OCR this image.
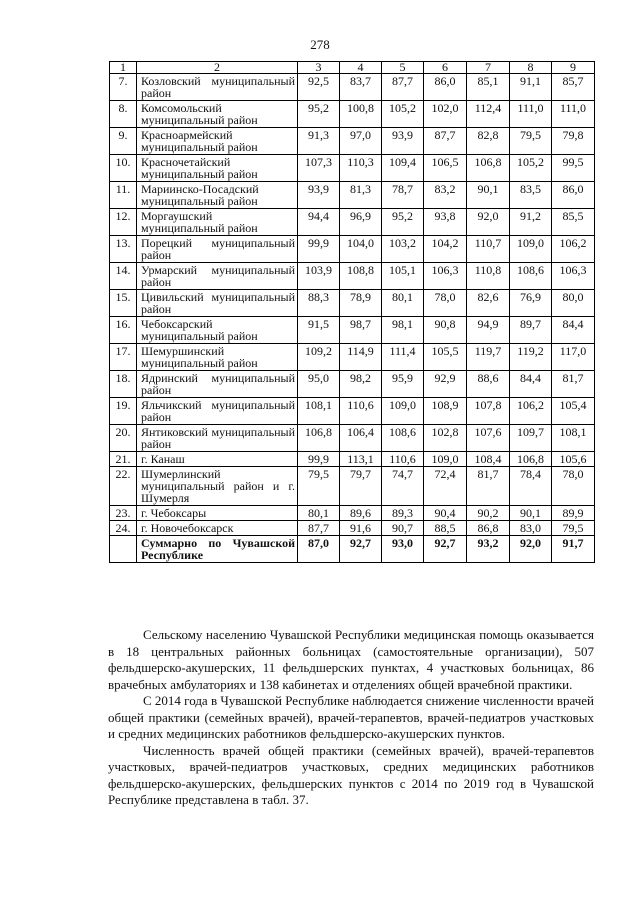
278
1	2	3	4	5	6	7	8	9
7.	Козловский муниципальный район	92,5	83,7	87,7	86,0	85,1	91,1	85,7
8.	Комсомольский муниципальный район	95,2	100,8	105,2	102,0	112,4	111,0	111,0
9.	Красноармейский муниципальный район	91,3	97,0	93,9	87,7	82,8	79,5	79,8
10.	Красночетайский муниципальный район	107,3	110,3	109,4	106,5	106,8	105,2	99,5
11.	Мариинско-Посадский муниципальный район	93,9	81,3	78,7	83,2	90,1	83,5	86,0
12.	Моргаушский муниципальный район	94,4	96,9	95,2	93,8	92,0	91,2	85,5
13.	Порецкий муниципальный район	99,9	104,0	103,2	104,2	110,7	109,0	106,2
14.	Урмарский муниципальный район	103,9	108,8	105,1	106,3	110,8	108,6	106,3
15.	Цивильский муниципальный район	88,3	78,9	80,1	78,0	82,6	76,9	80,0
16.	Чебоксарский муниципальный район	91,5	98,7	98,1	90,8	94,9	89,7	84,4
17.	Шемуршинский муниципальный район	109,2	114,9	111,4	105,5	119,7	119,2	117,0
18.	Ядринский муниципальный район	95,0	98,2	95,9	92,9	88,6	84,4	81,7
19.	Яльчикский муниципальный район	108,1	110,6	109,0	108,9	107,8	106,2	105,4
20.	Янтиковский муниципальный район	106,8	106,4	108,6	102,8	107,6	109,7	108,1
21.	г. Канаш	99,9	113,1	110,6	109,0	108,4	106,8	105,6
22.	Шумерлинский муниципальный район и г. Шумерля	79,5	79,7	74,7	72,4	81,7	78,4	78,0
23.	г. Чебоксары	80,1	89,6	89,3	90,4	90,2	90,1	89,9
24.	г. Новочебоксарск	87,7	91,6	90,7	88,5	86,8	83,0	79,5
	Суммарно по Чувашской Республике	87,0	92,7	93,0	92,7	93,2	92,0	91,7

Сельскому населению Чувашской Республики медицинская помощь оказывается в 18 центральных районных больницах (самостоятельные организации), 507 фельдшерско-акушерских, 11 фельдшерских пунктах, 4 участковых больницах, 86 врачебных амбулаториях и 138 кабинетах и отделениях общей врачебной практики.

С 2014 года в Чувашской Республике наблюдается снижение численности врачей общей практики (семейных врачей), врачей-терапевтов, врачей-педиатров участковых и средних медицинских работников фельдшерско-акушерских пунктов.

Численность врачей общей практики (семейных врачей), врачей-терапевтов участковых, врачей-педиатров участковых, средних медицинских работников фельдшерско-акушерских, фельдшерских пунктов с 2014 по 2019 год в Чувашской Республике представлена в табл. 37.
